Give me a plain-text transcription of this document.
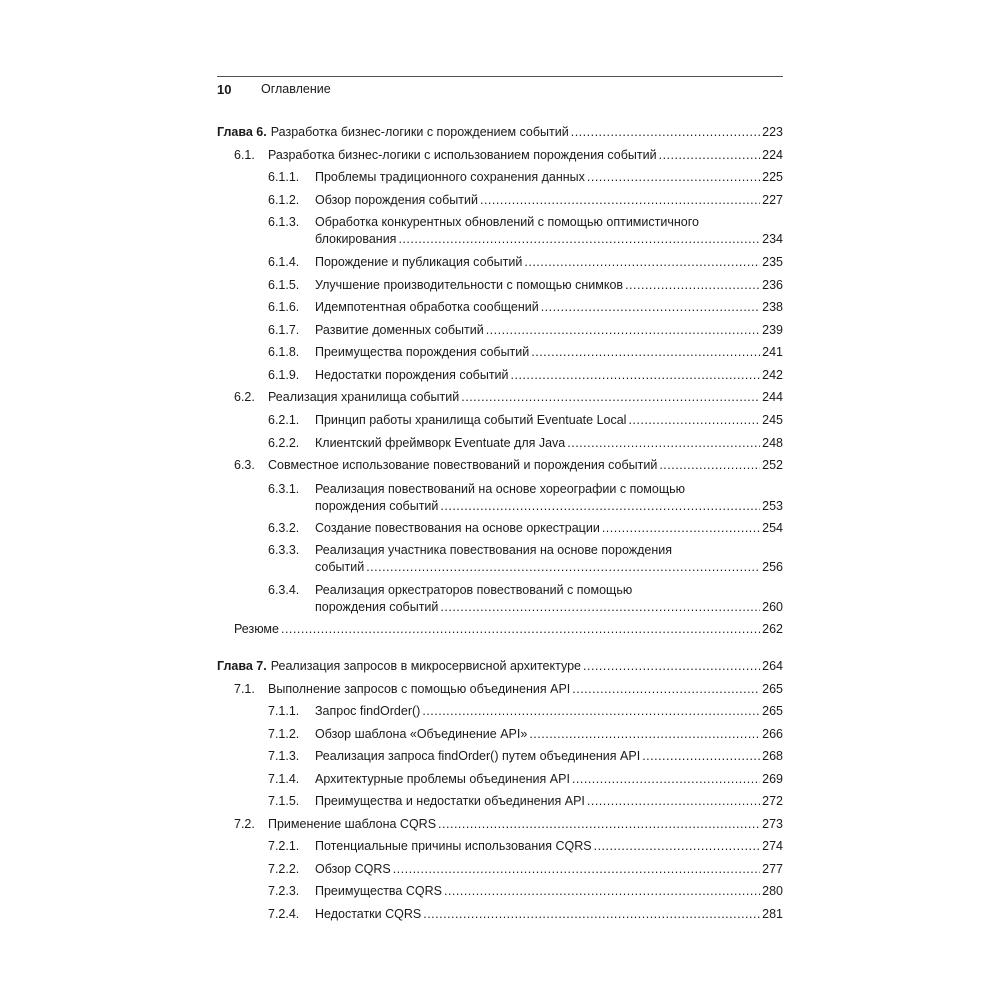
10 Оглавление
Глава 6. Разработка бизнес-логики с порождением событий .....	223
6.1. Разработка бизнес-логики с использованием порождения событий .....	224
6.1.1. Проблемы традиционного сохранения данных .....	225
6.1.2. Обзор порождения событий .....	227
6.1.3.	Обработка конкурентных обновлений с помощью оптимистичного
блокирования .....	234
6.1.4. Порождение и публикация событий .....	235
6.1.5. Улучшение производительности с помощью снимков .....	236
6.1.6. Идемпотентная обработка сообщений .....	238
6.1.7. Развитие доменных событий .....	239
6.1.8. Преимущества порождения событий .....	241
6.1.9. Недостатки порождения событий .....	242
6.2. Реализация хранилища событий .....	244
6.2.1. Принцип работы хранилища событий Eventuate Local .....	245
6.2.2. Клиентский фреймворк Eventuate для Java .....	248
6.3. Совместное использование повествований и порождения событий .....	252
6.3.1.	Реализация повествований на основе хореографии с помощью
порождения событий .....	253
6.3.2. Создание повествования на основе оркестрации .....	254
6.3.3.	Реализация участника повествования на основе порождения
событий .....	256
6.3.4.	Реализация оркестраторов повествований с помощью
порождения событий .....	260
Резюме .....	262
Глава 7. Реализация запросов в микросервисной архитектуре .....	264
7.1. Выполнение запросов с помощью объединения API .....	265
7.1.1. Запрос findOrder() .....	265
7.1.2. Обзор шаблона «Объединение API» .....	266
7.1.3. Реализация запроса findOrder() путем объединения API .....	268
7.1.4. Архитектурные проблемы объединения API .....	269
7.1.5. Преимущества и недостатки объединения API .....	272
7.2. Применение шаблона CQRS .....	273
7.2.1. Потенциальные причины использования CQRS .....	274
7.2.2. Обзор CQRS .....	277
7.2.3. Преимущества CQRS .....	280
7.2.4. Недостатки CQRS .....	281
